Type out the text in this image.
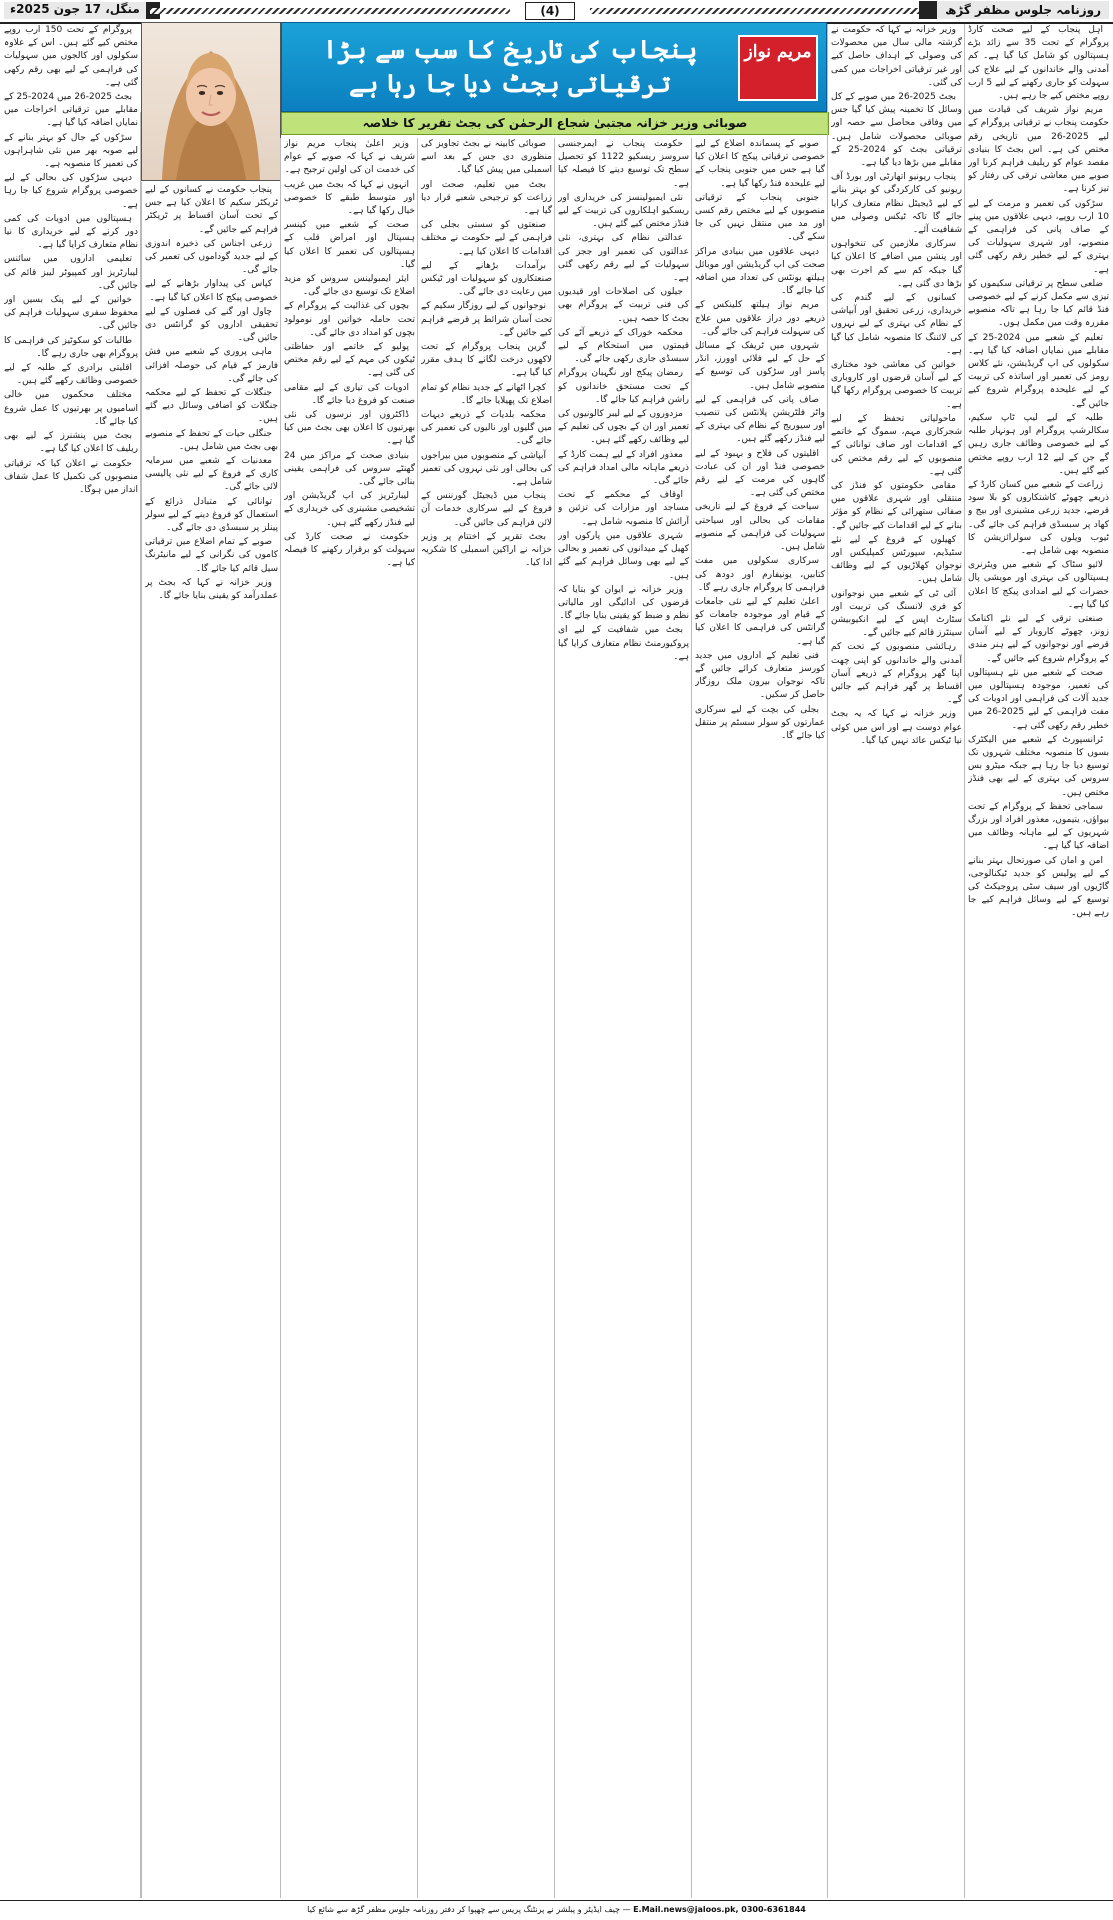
منگل، 17 جون 2025ء	(4)	روزنامہ جلوس مظفر گڑھ
پنجاب کی تاریخ کا سب سے بڑا ترقیاتی بجٹ دیا جا رہا ہے
مریم نواز
صوبائی وزیر خزانہ مجتبیٰ شجاع الرحمٰن کی بجٹ تقریر کا خلاصہ

اہل پنجاب کے لیے صحت کارڈ پروگرام کے تحت 35 سے زائد بڑے ہسپتالوں کو شامل کیا گیا ہے۔ کم آمدنی والے خاندانوں کے لیے علاج کی سہولت کو جاری رکھنے کے لیے 5 ارب روپے مختص کیے جا رہے ہیں۔

مریم نواز شریف کی قیادت میں حکومت پنجاب نے ترقیاتی پروگرام کے لیے 2025-26 میں تاریخی رقم مختص کی ہے۔ اس بجٹ کا بنیادی مقصد عوام کو ریلیف فراہم کرنا اور صوبے میں معاشی ترقی کی رفتار کو تیز کرنا ہے۔

سڑکوں کی تعمیر و مرمت کے لیے 10 ارب روپے، دیہی علاقوں میں پینے کے صاف پانی کی فراہمی کے منصوبے، اور شہری سہولیات کی بہتری کے لیے خطیر رقم رکھی گئی ہے۔

ضلعی سطح پر ترقیاتی سکیموں کو تیزی سے مکمل کرنے کے لیے خصوصی فنڈ قائم کیا جا رہا ہے تاکہ منصوبے مقررہ وقت میں مکمل ہوں۔

تعلیم کے شعبے میں 2024-25 کے مقابلے میں نمایاں اضافہ کیا گیا ہے۔ سکولوں کی اپ گریڈیشن، نئے کلاس رومز کی تعمیر اور اساتذہ کی تربیت کے لیے علیحدہ پروگرام شروع کیے جائیں گے۔

طلبہ کے لیے لیپ ٹاپ سکیم، سکالرشپ پروگرام اور ہونہار طلبہ کے لیے خصوصی وظائف جاری رہیں گے جن کے لیے 12 ارب روپے مختص کیے گئے ہیں۔

زراعت کے شعبے میں کسان کارڈ کے ذریعے چھوٹے کاشتکاروں کو بلا سود قرضے، جدید زرعی مشینری اور بیج و کھاد پر سبسڈی فراہم کی جائے گی۔ ٹیوب ویلوں کی سولرائزیشن کا منصوبہ بھی شامل ہے۔

لائیو سٹاک کے شعبے میں ویٹرنری ہسپتالوں کی بہتری اور مویشی پال حضرات کے لیے امدادی پیکج کا اعلان کیا گیا ہے۔

صنعتی ترقی کے لیے نئے اکنامک زونز، چھوٹے کاروبار کے لیے آسان قرضے اور نوجوانوں کے لیے ہنر مندی کے پروگرام شروع کیے جائیں گے۔

صحت کے شعبے میں نئے ہسپتالوں کی تعمیر، موجودہ ہسپتالوں میں جدید آلات کی فراہمی اور ادویات کی مفت فراہمی کے لیے 2025-26 میں خطیر رقم رکھی گئی ہے۔

ٹرانسپورٹ کے شعبے میں الیکٹرک بسوں کا منصوبہ مختلف شہروں تک توسیع دیا جا رہا ہے جبکہ میٹرو بس سروس کی بہتری کے لیے بھی فنڈز مختص ہیں۔

سماجی تحفظ کے پروگرام کے تحت بیواؤں، یتیموں، معذور افراد اور بزرگ شہریوں کے لیے ماہانہ وظائف میں اضافہ کیا گیا ہے۔

امن و امان کی صورتحال بہتر بنانے کے لیے پولیس کو جدید ٹیکنالوجی، گاڑیوں اور سیف سٹی پروجیکٹ کی توسیع کے لیے وسائل فراہم کیے جا رہے ہیں۔

وزیر خزانہ نے کہا کہ حکومت نے گزشتہ مالی سال میں محصولات کی وصولی کے اہداف حاصل کیے اور غیر ترقیاتی اخراجات میں کمی کی گئی۔

بجٹ 2025-26 میں صوبے کے کل وسائل کا تخمینہ پیش کیا گیا جس میں وفاقی محاصل سے حصہ اور صوبائی محصولات شامل ہیں۔ ترقیاتی بجٹ کو 2024-25 کے مقابلے میں بڑھا دیا گیا ہے۔

پنجاب ریونیو اتھارٹی اور بورڈ آف ریونیو کی کارکردگی کو بہتر بنانے کے لیے ڈیجیٹل نظام متعارف کرایا جائے گا تاکہ ٹیکس وصولی میں شفافیت آئے۔

سرکاری ملازمین کی تنخواہوں اور پنشن میں اضافے کا اعلان کیا گیا جبکہ کم سے کم اجرت بھی بڑھا دی گئی ہے۔

کسانوں کے لیے گندم کی خریداری، زرعی تحقیق اور آبپاشی کے نظام کی بہتری کے لیے نہروں کی لائننگ کا منصوبہ شامل کیا گیا ہے۔

خواتین کی معاشی خود مختاری کے لیے آسان قرضوں اور کاروباری تربیت کا خصوصی پروگرام رکھا گیا ہے۔

ماحولیاتی تحفظ کے لیے شجرکاری مہم، سموگ کے خاتمے کے اقدامات اور صاف توانائی کے منصوبوں کے لیے رقم مختص کی گئی ہے۔

مقامی حکومتوں کو فنڈز کی منتقلی اور شہری علاقوں میں صفائی ستھرائی کے نظام کو مؤثر بنانے کے لیے اقدامات کیے جائیں گے۔

کھیلوں کے فروغ کے لیے نئے سٹیڈیم، سپورٹس کمپلیکس اور نوجوان کھلاڑیوں کے لیے وظائف شامل ہیں۔

آئی ٹی کے شعبے میں نوجوانوں کو فری لانسنگ کی تربیت اور سٹارٹ اپس کے لیے انکیوبیشن سینٹرز قائم کیے جائیں گے۔

رہائشی منصوبوں کے تحت کم آمدنی والے خاندانوں کو اپنی چھت اپنا گھر پروگرام کے ذریعے آسان اقساط پر گھر فراہم کیے جائیں گے۔

وزیر خزانہ نے کہا کہ یہ بجٹ عوام دوست ہے اور اس میں کوئی نیا ٹیکس عائد نہیں کیا گیا۔

صوبے کے پسماندہ اضلاع کے لیے خصوصی ترقیاتی پیکج کا اعلان کیا گیا ہے جس میں جنوبی پنجاب کے لیے علیحدہ فنڈ رکھا گیا ہے۔

جنوبی پنجاب کے ترقیاتی منصوبوں کے لیے مختص رقم کسی اور مد میں منتقل نہیں کی جا سکے گی۔

دیہی علاقوں میں بنیادی مراکز صحت کی اپ گریڈیشن اور موبائل ہیلتھ یونٹس کی تعداد میں اضافہ کیا جائے گا۔

مریم نواز ہیلتھ کلینکس کے ذریعے دور دراز علاقوں میں علاج کی سہولت فراہم کی جائے گی۔

شہروں میں ٹریفک کے مسائل کے حل کے لیے فلائی اوورز، انڈر پاسز اور سڑکوں کی توسیع کے منصوبے شامل ہیں۔

صاف پانی کی فراہمی کے لیے واٹر فلٹریشن پلانٹس کی تنصیب اور سیوریج کے نظام کی بہتری کے لیے فنڈز رکھے گئے ہیں۔

اقلیتوں کی فلاح و بہبود کے لیے خصوصی فنڈ اور ان کی عبادت گاہوں کی مرمت کے لیے رقم مختص کی گئی ہے۔

سیاحت کے فروغ کے لیے تاریخی مقامات کی بحالی اور سیاحتی سہولیات کی فراہمی کے منصوبے شامل ہیں۔

سرکاری سکولوں میں مفت کتابیں، یونیفارم اور دودھ کی فراہمی کا پروگرام جاری رہے گا۔

اعلیٰ تعلیم کے لیے نئی جامعات کے قیام اور موجودہ جامعات کو گرانٹس کی فراہمی کا اعلان کیا گیا ہے۔

فنی تعلیم کے اداروں میں جدید کورسز متعارف کرائے جائیں گے تاکہ نوجوان بیرون ملک روزگار حاصل کر سکیں۔

بجلی کی بچت کے لیے سرکاری عمارتوں کو سولر سسٹم پر منتقل کیا جائے گا۔

حکومت پنجاب نے ایمرجنسی سروسز ریسکیو 1122 کو تحصیل سطح تک توسیع دینے کا فیصلہ کیا ہے۔

نئی ایمبولینسز کی خریداری اور ریسکیو اہلکاروں کی تربیت کے لیے فنڈز مختص کیے گئے ہیں۔

عدالتی نظام کی بہتری، نئی عدالتوں کی تعمیر اور ججز کی سہولیات کے لیے رقم رکھی گئی ہے۔

جیلوں کی اصلاحات اور قیدیوں کی فنی تربیت کے پروگرام بھی بجٹ کا حصہ ہیں۔

محکمہ خوراک کے ذریعے آٹے کی قیمتوں میں استحکام کے لیے سبسڈی جاری رکھی جائے گی۔

رمضان پیکج اور نگہبان پروگرام کے تحت مستحق خاندانوں کو راشن فراہم کیا جائے گا۔

مزدوروں کے لیے لیبر کالونیوں کی تعمیر اور ان کے بچوں کی تعلیم کے لیے وظائف رکھے گئے ہیں۔

معذور افراد کے لیے ہمت کارڈ کے ذریعے ماہانہ مالی امداد فراہم کی جائے گی۔

اوقاف کے محکمے کے تحت مساجد اور مزارات کی تزئین و آرائش کا منصوبہ شامل ہے۔

شہری علاقوں میں پارکوں اور کھیل کے میدانوں کی تعمیر و بحالی کے لیے بھی وسائل فراہم کیے گئے ہیں۔

وزیر خزانہ نے ایوان کو بتایا کہ قرضوں کی ادائیگی اور مالیاتی نظم و ضبط کو یقینی بنایا جائے گا۔

بجٹ میں شفافیت کے لیے ای پروکیورمنٹ نظام متعارف کرایا گیا ہے۔

صوبائی کابینہ نے بجٹ تجاویز کی منظوری دی جس کے بعد اسے اسمبلی میں پیش کیا گیا۔

بجٹ میں تعلیم، صحت اور زراعت کو ترجیحی شعبے قرار دیا گیا ہے۔

صنعتوں کو سستی بجلی کی فراہمی کے لیے حکومت نے مختلف اقدامات کا اعلان کیا ہے۔

برآمدات بڑھانے کے لیے صنعتکاروں کو سہولیات اور ٹیکس میں رعایت دی جائے گی۔

نوجوانوں کے لیے روزگار سکیم کے تحت آسان شرائط پر قرضے فراہم کیے جائیں گے۔

گرین پنجاب پروگرام کے تحت لاکھوں درخت لگانے کا ہدف مقرر کیا گیا ہے۔

کچرا اٹھانے کے جدید نظام کو تمام اضلاع تک پھیلایا جائے گا۔

محکمہ بلدیات کے ذریعے دیہات میں گلیوں اور نالیوں کی تعمیر کی جائے گی۔

آبپاشی کے منصوبوں میں بیراجوں کی بحالی اور نئی نہروں کی تعمیر شامل ہے۔

پنجاب میں ڈیجیٹل گورننس کے فروغ کے لیے سرکاری خدمات آن لائن فراہم کی جائیں گی۔

بجٹ تقریر کے اختتام پر وزیر خزانہ نے اراکین اسمبلی کا شکریہ ادا کیا۔

وزیر اعلیٰ پنجاب مریم نواز شریف نے کہا کہ صوبے کے عوام کی خدمت ان کی اولین ترجیح ہے۔

انہوں نے کہا کہ بجٹ میں غریب اور متوسط طبقے کا خصوصی خیال رکھا گیا ہے۔

صحت کے شعبے میں کینسر ہسپتال اور امراض قلب کے ہسپتالوں کی تعمیر کا اعلان کیا گیا۔

ایئر ایمبولینس سروس کو مزید اضلاع تک توسیع دی جائے گی۔

بچوں کی غذائیت کے پروگرام کے تحت حاملہ خواتین اور نومولود بچوں کو امداد دی جائے گی۔

پولیو کے خاتمے اور حفاظتی ٹیکوں کی مہم کے لیے رقم مختص کی گئی ہے۔

ادویات کی تیاری کے لیے مقامی صنعت کو فروغ دیا جائے گا۔

ڈاکٹروں اور نرسوں کی نئی بھرتیوں کا اعلان بھی بجٹ میں کیا گیا ہے۔

بنیادی صحت کے مراکز میں 24 گھنٹے سروس کی فراہمی یقینی بنائی جائے گی۔

لیبارٹریز کی اپ گریڈیشن اور تشخیصی مشینری کی خریداری کے لیے فنڈز رکھے گئے ہیں۔

حکومت نے صحت کارڈ کی سہولت کو برقرار رکھنے کا فیصلہ کیا ہے۔

پنجاب حکومت نے کسانوں کے لیے ٹریکٹر سکیم کا اعلان کیا ہے جس کے تحت آسان اقساط پر ٹریکٹر فراہم کیے جائیں گے۔

زرعی اجناس کی ذخیرہ اندوزی کے لیے جدید گوداموں کی تعمیر کی جائے گی۔

کپاس کی پیداوار بڑھانے کے لیے خصوصی پیکج کا اعلان کیا گیا ہے۔

چاول اور گنے کی فصلوں کے لیے تحقیقی اداروں کو گرانٹس دی جائیں گی۔

ماہی پروری کے شعبے میں فش فارمز کے قیام کی حوصلہ افزائی کی جائے گی۔

جنگلات کے تحفظ کے لیے محکمہ جنگلات کو اضافی وسائل دیے گئے ہیں۔

جنگلی حیات کے تحفظ کے منصوبے بھی بجٹ میں شامل ہیں۔

معدنیات کے شعبے میں سرمایہ کاری کے فروغ کے لیے نئی پالیسی لائی جائے گی۔

توانائی کے متبادل ذرائع کے استعمال کو فروغ دینے کے لیے سولر پینلز پر سبسڈی دی جائے گی۔

صوبے کے تمام اضلاع میں ترقیاتی کاموں کی نگرانی کے لیے مانیٹرنگ سیل قائم کیا جائے گا۔

وزیر خزانہ نے کہا کہ بجٹ پر عملدرآمد کو یقینی بنایا جائے گا۔

پروگرام کے تحت 150 ارب روپے مختص کیے گئے ہیں۔ اس کے علاوہ سکولوں اور کالجوں میں سہولیات کی فراہمی کے لیے بھی رقم رکھی گئی ہے۔

بجٹ 2025-26 میں 2024-25 کے مقابلے میں ترقیاتی اخراجات میں نمایاں اضافہ کیا گیا ہے۔

سڑکوں کے جال کو بہتر بنانے کے لیے صوبہ بھر میں نئی شاہراہوں کی تعمیر کا منصوبہ ہے۔

دیہی سڑکوں کی بحالی کے لیے خصوصی پروگرام شروع کیا جا رہا ہے۔

ہسپتالوں میں ادویات کی کمی دور کرنے کے لیے خریداری کا نیا نظام متعارف کرایا گیا ہے۔

تعلیمی اداروں میں سائنس لیبارٹریز اور کمپیوٹر لیبز قائم کی جائیں گی۔

خواتین کے لیے پنک بسیں اور محفوظ سفری سہولیات فراہم کی جائیں گی۔

طالبات کو سکوٹیز کی فراہمی کا پروگرام بھی جاری رہے گا۔

اقلیتی برادری کے طلبہ کے لیے خصوصی وظائف رکھے گئے ہیں۔

مختلف محکموں میں خالی اسامیوں پر بھرتیوں کا عمل شروع کیا جائے گا۔

بجٹ میں پنشنرز کے لیے بھی ریلیف کا اعلان کیا گیا ہے۔

حکومت نے اعلان کیا کہ ترقیاتی منصوبوں کی تکمیل کا عمل شفاف انداز میں ہوگا۔

E.Mail.news@jaloos.pk, 0300-6361844 — چیف ایڈیٹر و پبلشر نے پرنٹنگ پریس سے چھپوا کر دفتر روزنامہ جلوس مظفر گڑھ سے شائع کیا
